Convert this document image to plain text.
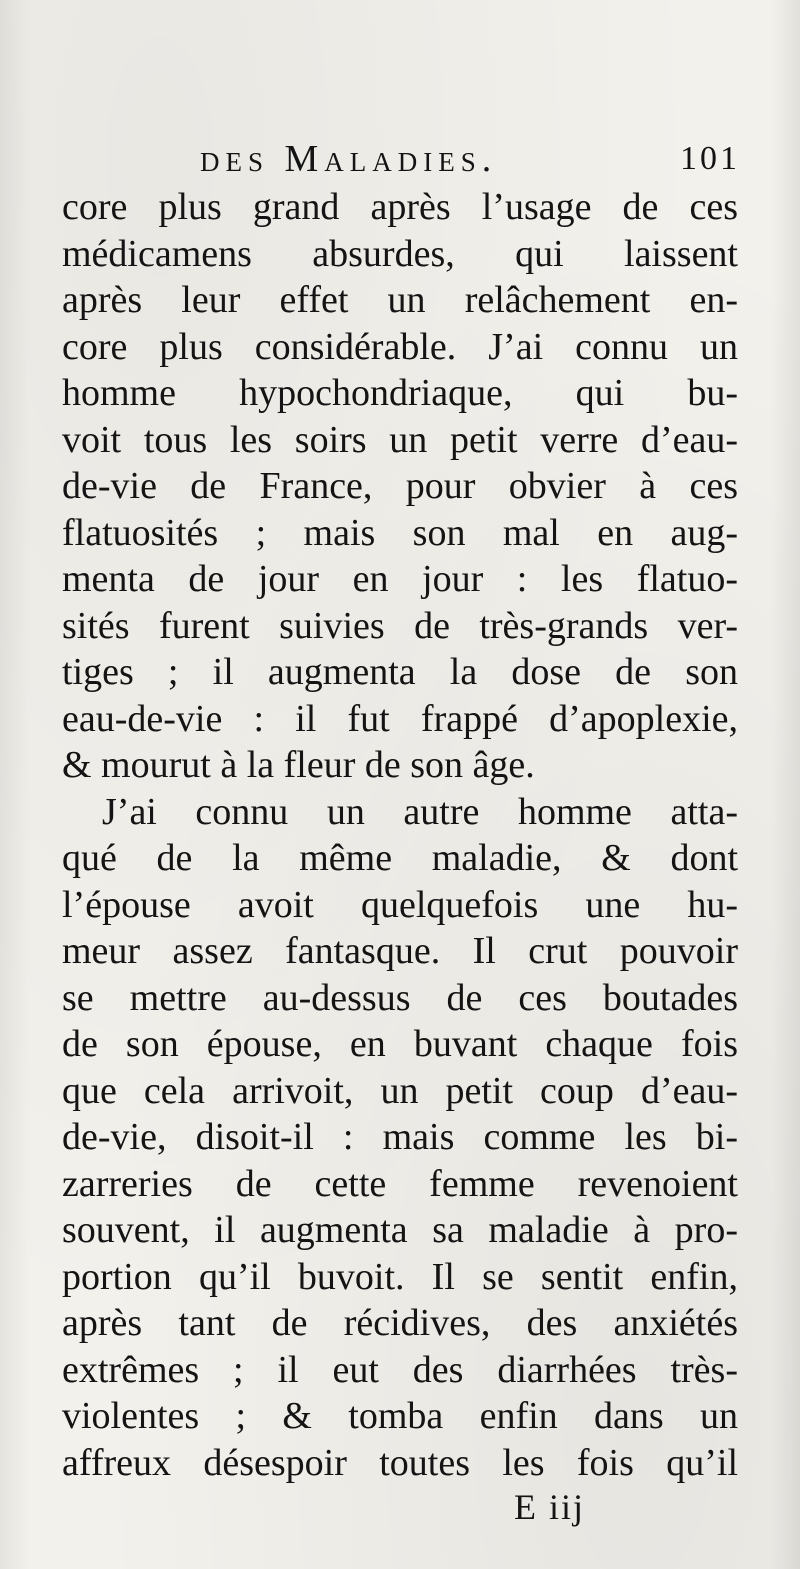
des Maladies.	101
core plus grand après l’usage de ces
médicamens absurdes, qui laissent
après leur effet un relâchement en-
core plus considérable. J’ai connu un
homme hypochondriaque, qui bu-
voit tous les soirs un petit verre d’eau-
de-vie de France, pour obvier à ces
flatuosités ; mais son mal en aug-
menta de jour en jour : les flatuo-
sités furent suivies de très-grands ver-
tiges ; il augmenta la dose de son
eau-de-vie : il fut frappé d’apoplexie,
& mourut à la fleur de son âge.
J’ai connu un autre homme atta-
qué de la même maladie, & dont
l’épouse avoit quelquefois une hu-
meur assez fantasque. Il crut pouvoir
se mettre au-dessus de ces boutades
de son épouse, en buvant chaque fois
que cela arrivoit, un petit coup d’eau-
de-vie, disoit-il : mais comme les bi-
zarreries de cette femme revenoient
souvent, il augmenta sa maladie à pro-
portion qu’il buvoit. Il se sentit enfin,
après tant de récidives, des anxiétés
extrêmes ; il eut des diarrhées très-
violentes ; & tomba enfin dans un
affreux désespoir toutes les fois qu’il
E iij
